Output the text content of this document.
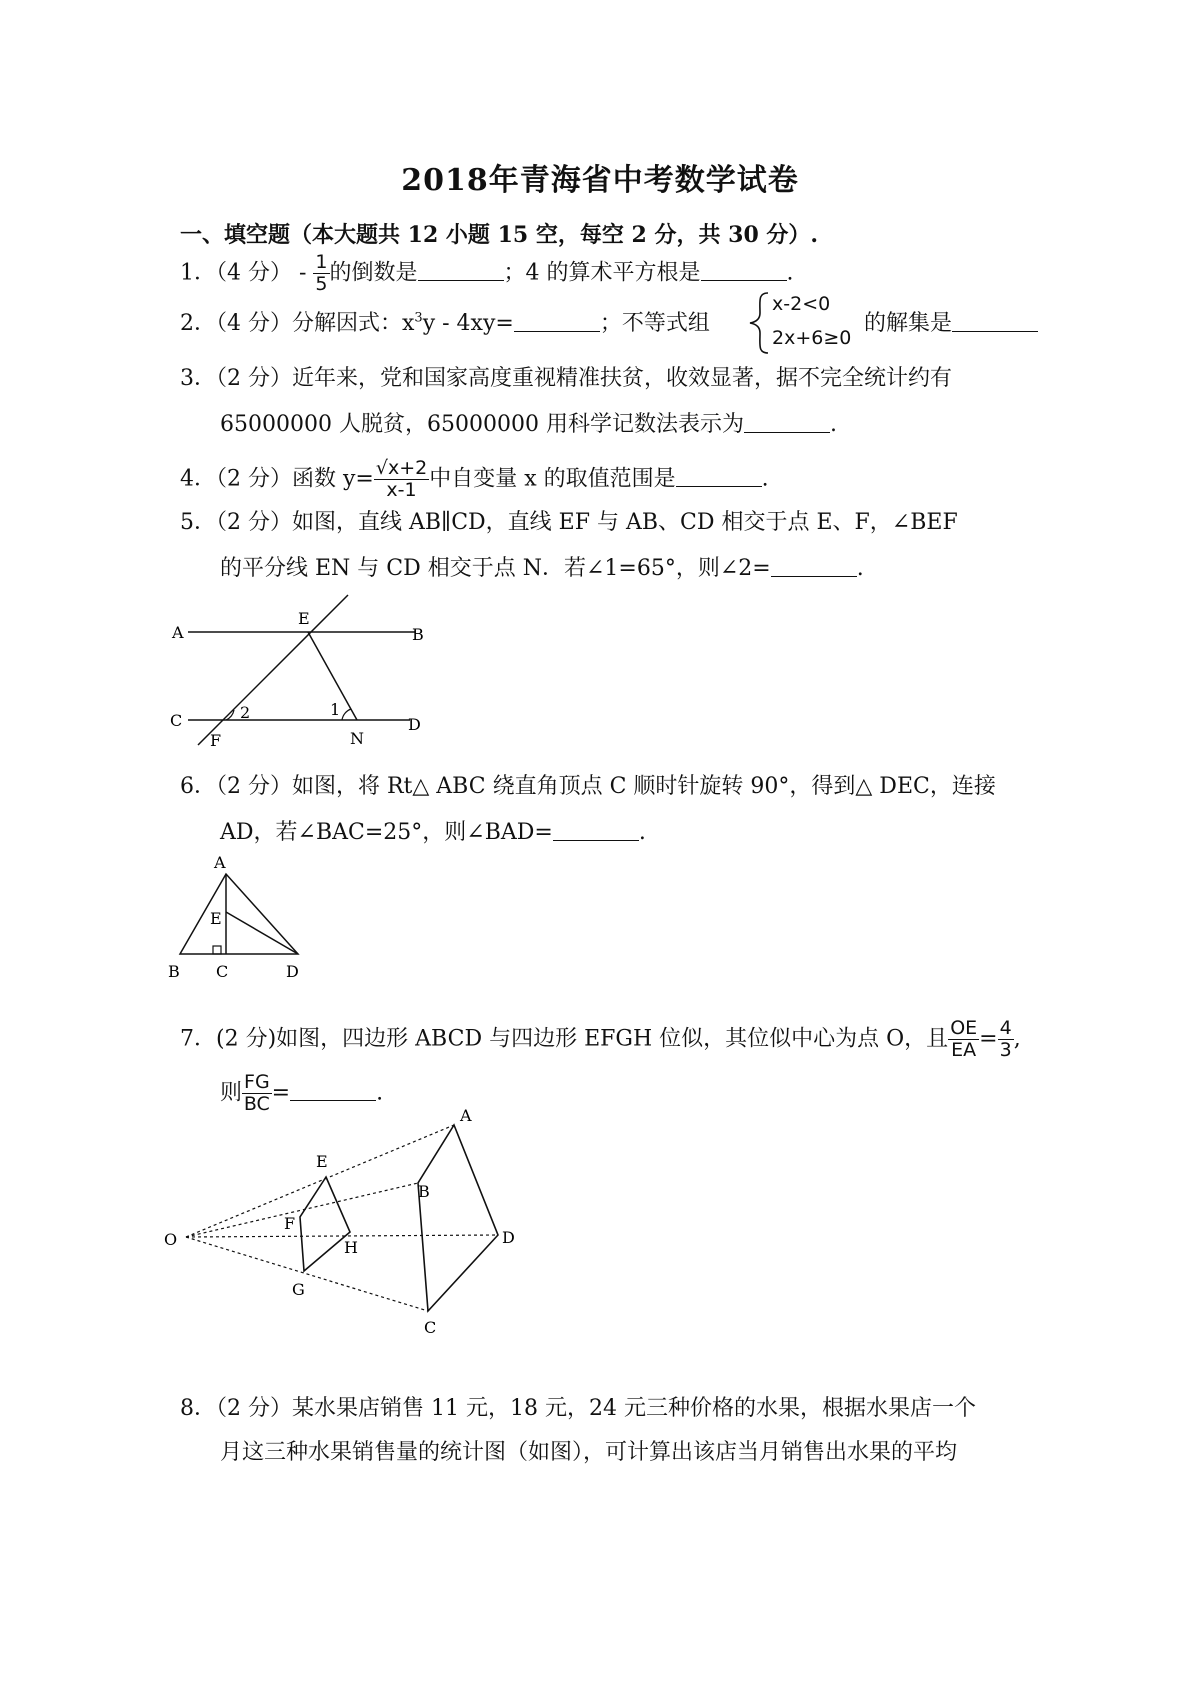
2018年青海省中考数学试卷
一、填空题（本大题共 12 小题 15 空，每空 2 分，共 30 分）.
1．（4 分） - $\frac{1}{5}$ 的倒数是	；4 的算术平方根是	.
2．（4 分）分解因式：$x^3y - 4xy=$	；不等式组
x-2<0
2x+6≥0
的解集是
3．（2 分）近年来，党和国家高度重视精准扶贫，收效显著，据不完全统计约有
65000000 人脱贫，65000000 用科学记数法表示为	.
4．（2 分）函数 $y= \frac{√x+2}{x-1}$ 中自变量 x 的取值范围是	.
5．（2 分）如图，直线 AB∥CD，直线 EF 与 AB、CD 相交于点 E、F，∠BEF
的平分线 EN 与 CD 相交于点 N．若∠1=65°，则∠2=	.
A	B
C	D
E
F	N
1
2
6．（2 分）如图，将 Rt△ ABC 绕直角顶点 C 顺时针旋转 90°，得到△ DEC，连接
AD，若∠BAC=25°，则∠BAD=	.
A
E
B C	D
7．(2 分)如图，四边形 ABCD 与四边形 EFGH 位似，其位似中心为点 O，且 $\frac{OE}{EA} = \frac{4}{3}$ ,
则 $\frac{FG}{BC}$ =	.
O
A
B
C
D
E
F
G
H
8．（2 分）某水果店销售 11 元，18 元，24 元三种价格的水果，根据水果店一个
月这三种水果销售量的统计图（如图），可计算出该店当月销售出水果的平均
